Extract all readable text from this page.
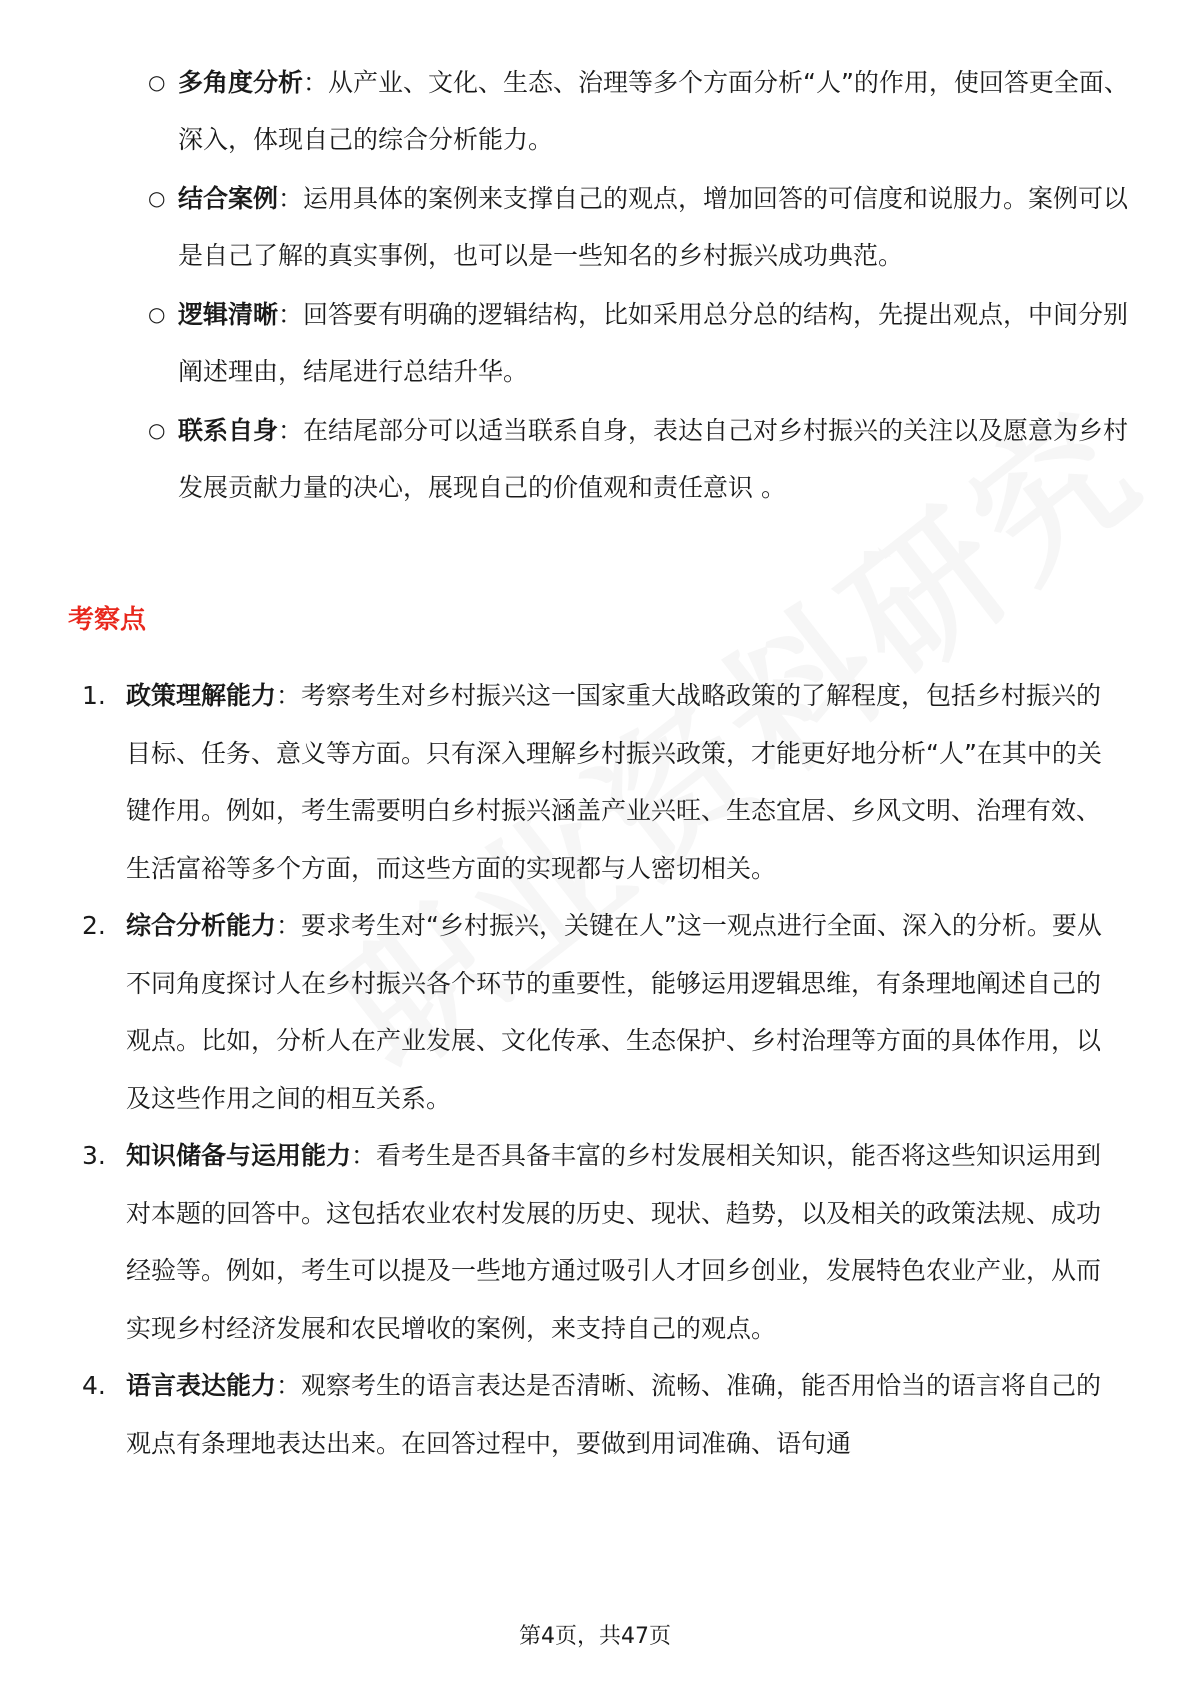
○ 多角度分析：从产业、文化、生态、治理等多个方面分析“人”的作用，使回答更全面、深入，体现自己的综合分析能力。
○ 结合案例：运用具体的案例来支撑自己的观点，增加回答的可信度和说服力。案例可以是自己了解的真实事例，也可以是一些知名的乡村振兴成功典范。
○ 逻辑清晰：回答要有明确的逻辑结构，比如采用总分总的结构，先提出观点，中间分别阐述理由，结尾进行总结升华。
○ 联系自身：在结尾部分可以适当联系自身，表达自己对乡村振兴的关注以及愿意为乡村发展贡献力量的决心，展现自己的价值观和责任意识 。
考察点
1. 政策理解能力：考察考生对乡村振兴这一国家重大战略政策的了解程度，包括乡村振兴的目标、任务、意义等方面。只有深入理解乡村振兴政策，才能更好地分析“人”在其中的关键作用。例如，考生需要明白乡村振兴涵盖产业兴旺、生态宜居、乡风文明、治理有效、生活富裕等多个方面，而这些方面的实现都与人密切相关。
2. 综合分析能力：要求考生对“乡村振兴，关键在人”这一观点进行全面、深入的分析。要从不同角度探讨人在乡村振兴各个环节的重要性，能够运用逻辑思维，有条理地阐述自己的观点。比如，分析人在产业发展、文化传承、生态保护、乡村治理等方面的具体作用，以及这些作用之间的相互关系。
3. 知识储备与运用能力：看考生是否具备丰富的乡村发展相关知识，能否将这些知识运用到对本题的回答中。这包括农业农村发展的历史、现状、趋势，以及相关的政策法规、成功经验等。例如，考生可以提及一些地方通过吸引人才回乡创业，发展特色农业产业，从而实现乡村经济发展和农民增收的案例，来支持自己的观点。
4. 语言表达能力：观察考生的语言表达是否清晰、流畅、准确，能否用恰当的语言将自己的观点有条理地表达出来。在回答过程中，要做到用词准确、语句通
第4页，共47页
